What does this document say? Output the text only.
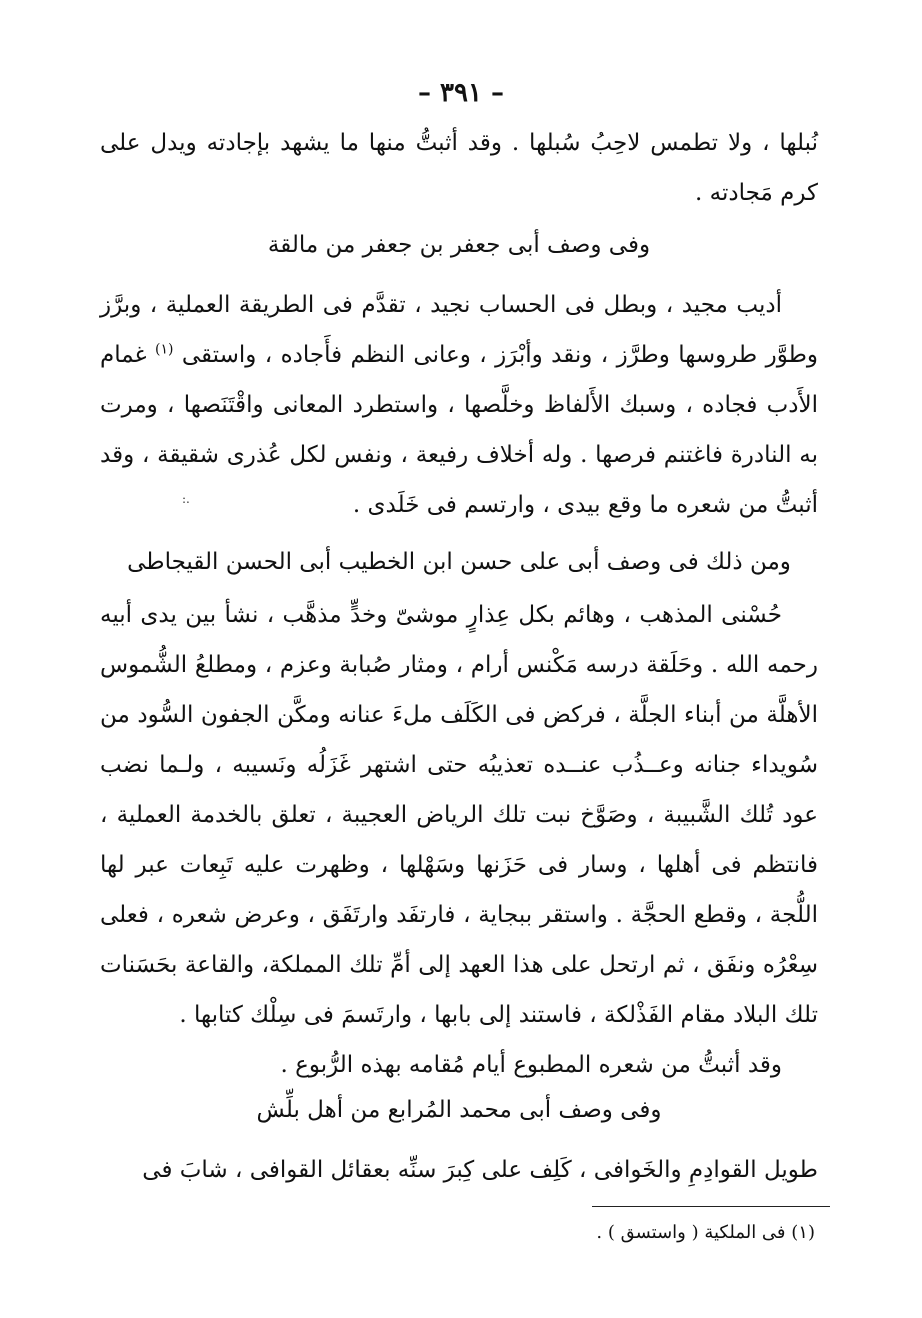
– ٣٩١ –

نُبلها ، ولا تطمس لاحِبُ سُبلها . وقد أثبتُّ منها ما يشهد بإجادته ويدل على كرم مَجادته .

وفى وصف أبى جعفر بن جعفر من مالقة

أديب مجيد ، وبطل فى الحساب نجيد ، تقدَّم فى الطريقة العملية ، وبرَّز وطوَّر طروسها وطرَّز ، ونقد وأبْرَز ، وعانى النظم فأَجاده ، واستقى $^{(١)}$ غمام الأَدب فجاده ، وسبك الأَلفاظ وخلَّصها ، واستطرد المعانى واقْتَنَصها ، ومرت به النادرة فاغتنم فرصها . وله أخلاف رفيعة ، ونفس لكل عُذرى شقيقة ، وقد أثبتُّ من شعره ما وقع بيدى ، وارتسم فى خَلَدى .

:.
ومن ذلك فى وصف أبى على حسن ابن الخطيب أبى الحسن القيجاطى

حُسْنى المذهب ، وهائم بكل عِذارٍ موشىّ وخدٍّ مذهَّب ، نشأ بين يدى أبيه رحمه الله . وحَلَقة درسه مَكْنس أرام ، ومثار صُبابة وعزم ، ومطلعُ الشُّموس الأهلَّة من أبناء الجلَّة ، فركض فى الكَلَف ملءَ عنانه ومكَّن الجفون السُّود من سُويداء جنانه وعــذُب عنــده تعذيبُه حتى اشتهر غَزَلُه ونَسيبه ، ولـما نضب عود تُلك الشَّبيبة ، وصَوَّخ نبت تلك الرياض العجيبة ، تعلق بالخدمة العملية ، فانتظم فى أهلها ، وسار فى حَزَنها وسَهْلها ، وظهرت عليه تَبِعات عبر لها اللُّجة ، وقطع الحجَّة . واستقر ببجاية ، فارتفَد وارتَفَق ، وعرض شعره ، فعلى سِعْرُه ونفَق ، ثم ارتحل على هذا العهد إلى أمِّ تلك المملكة، والقاعة بحَسَنات تلك البلاد مقام الفَذْلكة ، فاستند إلى بابها ، وارتَسمَ فى سِلْك كتابها .

وقد أثبتُّ من شعره المطبوع أيام مُقامه بهذه الرُّبوع .

وفى وصف أبى محمد المُرابع من أهل بلِّش

طويل القوادِمِ والخَوافى ، كَلِف على كِبرَ سنِّه بعقائل القوافى ، شابَ فى

(١) فى الملكية ( واستسق ) .
